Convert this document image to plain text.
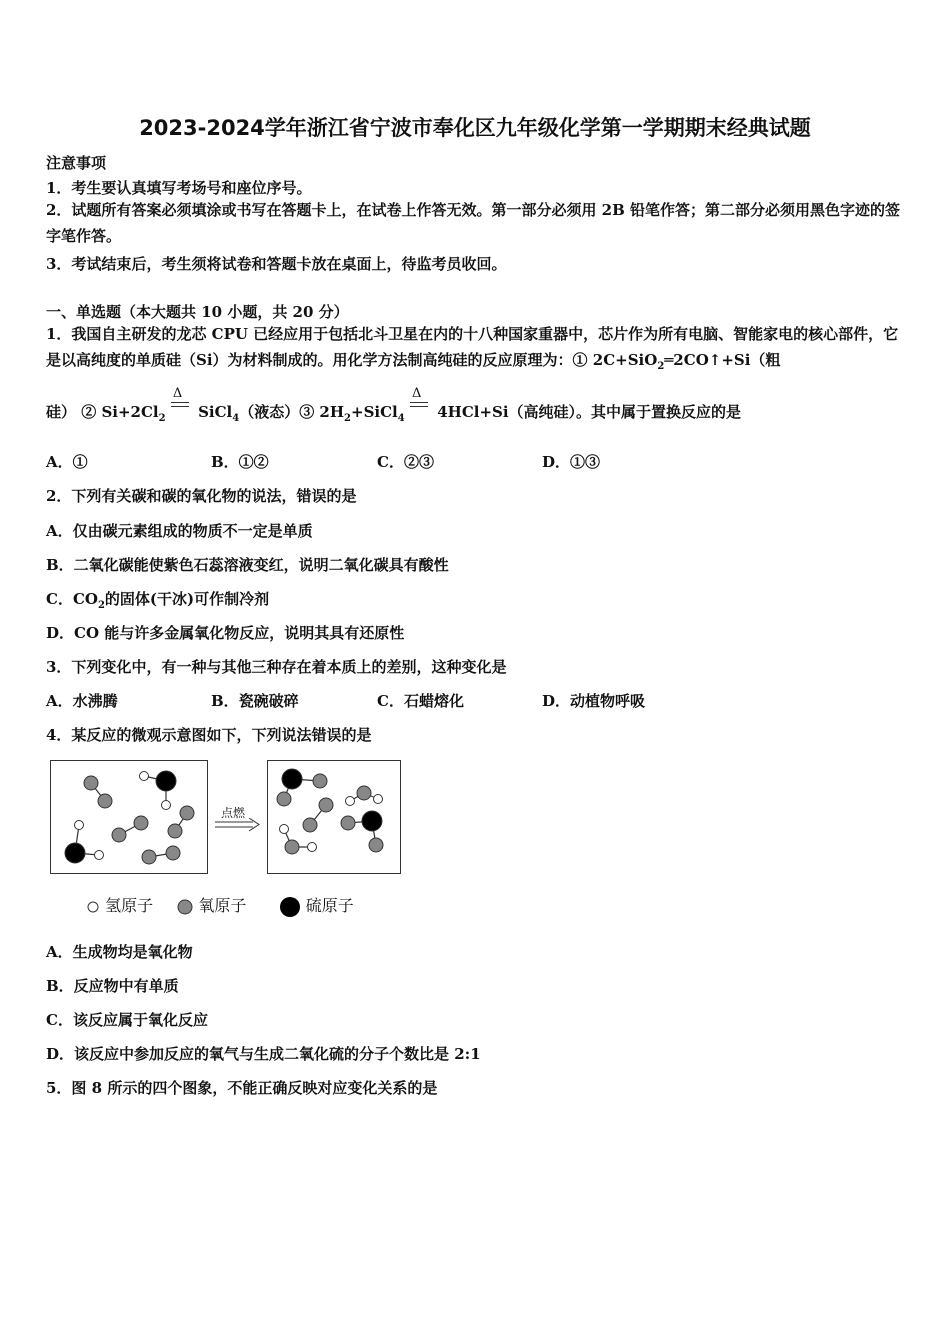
2023-2024学年浙江省宁波市奉化区九年级化学第一学期期末经典试题
注意事项
1．考生要认真填写考场号和座位序号。
2．试题所有答案必须填涂或书写在答题卡上，在试卷上作答无效。第一部分必须用 2B 铅笔作答；第二部分必须用黑色字迹的签字笔作答。
3．考试结束后，考生须将试卷和答题卡放在桌面上，待监考员收回。
一、单选题（本大题共 10 小题，共 20 分）
1．我国自主研发的龙芯 CPU 已经应用于包括北斗卫星在内的十八种国家重器中，芯片作为所有电脑、智能家电的核心部件，它是以高纯度的单质硅（Si）为材料制成的。用化学方法制高纯硅的反应原理为：① 2C+SiO$_2$═2CO↑+Si（粗
硅） ② $Si+2Cl_2$
Δ
SiCl$_4$（液态）③ $2H_2+SiCl_4$
Δ
4HCl+Si（高纯硅）。其中属于置换反应的是
A．①	B．①②	C．②③	D．①③
2．下列有关碳和碳的氧化物的说法，错误的是
A．仅由碳元素组成的物质不一定是单质
B．二氧化碳能使紫色石蕊溶液变红，说明二氧化碳具有酸性
C．$CO_2$的固体(干冰)可作制冷剂
D．CO 能与许多金属氧化物反应，说明其具有还原性
3．下列变化中，有一种与其他三种存在着本质上的差别，这种变化是
A．水沸腾	B．瓷碗破碎	C．石蜡熔化	D．动植物呼吸
4．某反应的微观示意图如下，下列说法错误的是
点燃
氢原子	氧原子	硫原子
A．生成物均是氧化物
B．反应物中有单质
C．该反应属于氧化反应
D．该反应中参加反应的氧气与生成二氧化硫的分子个数比是 2:1
5．图 8 所示的四个图象，不能正确反映对应变化关系的是
